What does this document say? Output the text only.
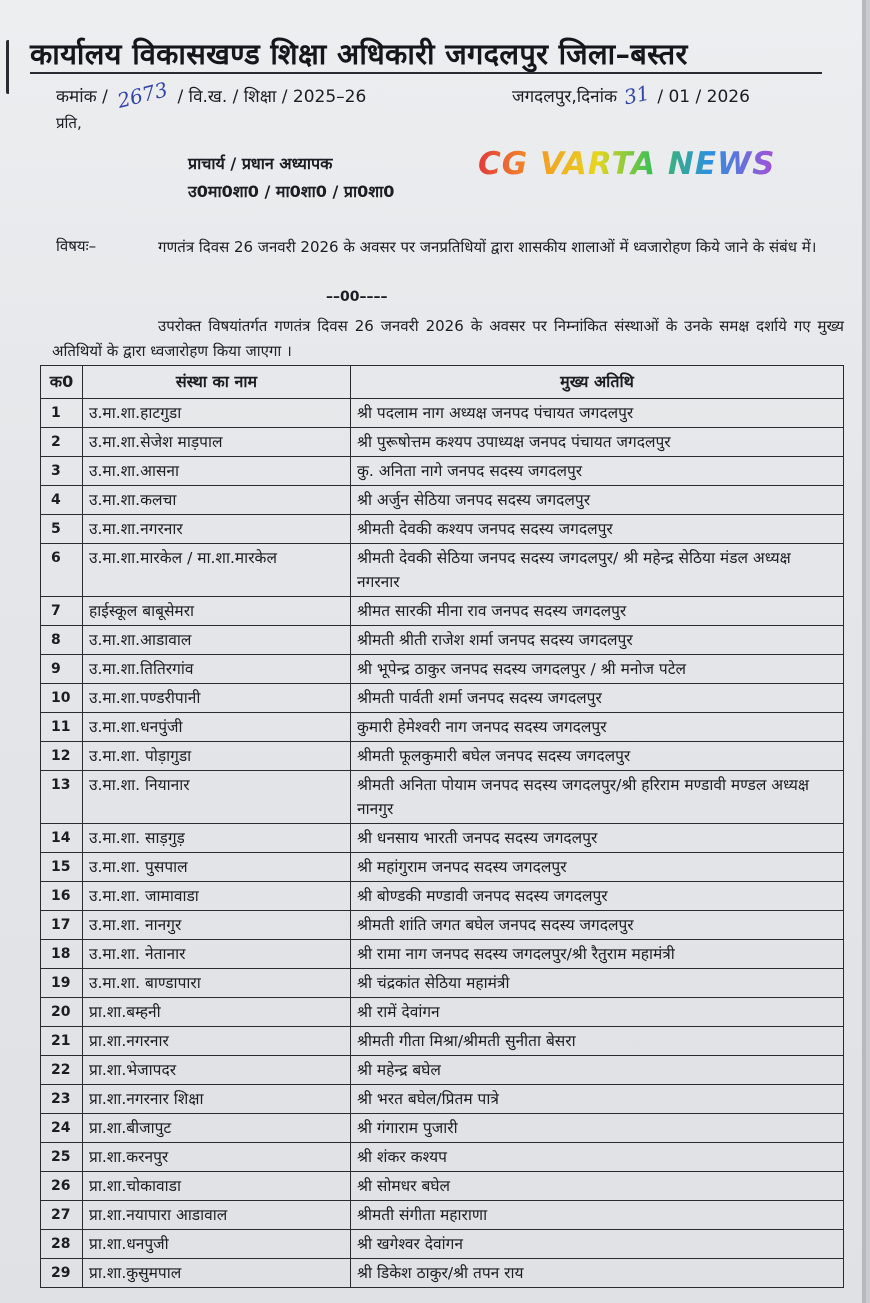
कार्यालय विकासखण्ड शिक्षा अधिकारी जगदलपुर जिला–बस्तर
कमांक / 2673 / वि.ख. / शिक्षा / 2025–26	जगदलपुर,दिनांक 31 / 01 / 2026
प्रति,
प्राचार्य / प्रधान अध्यापक
उ0मा0शा0 / मा0शा0 / प्रा0शा0
CG VARTA NEWS
विषयः–	गणतंत्र दिवस 26 जनवरी 2026 के अवसर पर जनप्रतिधियों द्वारा शासकीय शालाओं में ध्वजारोहण किये जाने के संबंध में।
––00––––
उपरोक्त विषयांतर्गत गणतंत्र दिवस 26 जनवरी 2026 के अवसर पर निम्नांकित संस्थाओं के उनके समक्ष दर्शाये गए मुख्य अतिथियों के द्वारा ध्वजारोहण किया जाएगा ।
क0	संस्था का नाम	मुख्य अतिथि
1	उ.मा.शा.हाटगुडा	श्री पदलाम नाग अध्यक्ष जनपद पंचायत जगदलपुर
2	उ.मा.शा.सेजेश माड़पाल	श्री पुरूषोत्तम कश्यप उपाध्यक्ष जनपद पंचायत जगदलपुर
3	उ.मा.शा.आसना	कु. अनिता नागे जनपद सदस्य जगदलपुर
4	उ.मा.शा.कलचा	श्री अर्जुन सेठिया जनपद सदस्य जगदलपुर
5	उ.मा.शा.नगरनार	श्रीमती देवकी कश्यप जनपद सदस्य जगदलपुर
6	उ.मा.शा.मारकेल / मा.शा.मारकेल	श्रीमती देवकी सेठिया जनपद सदस्य जगदलपुर/ श्री महेन्द्र सेठिया मंडल अध्यक्ष नगरनार
7	हाईस्कूल बाबूसेमरा	श्रीमत सारकी मीना राव जनपद सदस्य जगदलपुर
8	उ.मा.शा.आडावाल	श्रीमती श्रीती राजेश शर्मा जनपद सदस्य जगदलपुर
9	उ.मा.शा.तितिरगांव	श्री भूपेन्द्र ठाकुर जनपद सदस्य जगदलपुर / श्री मनोज पटेल
10	उ.मा.शा.पण्डरीपानी	श्रीमती पार्वती शर्मा जनपद सदस्य जगदलपुर
11	उ.मा.शा.धनपुंजी	कुमारी हेमेश्वरी नाग जनपद सदस्य जगदलपुर
12	उ.मा.शा. पोड़ागुडा	श्रीमती फूलकुमारी बघेल जनपद सदस्य जगदलपुर
13	उ.मा.शा. नियानार	श्रीमती अनिता पोयाम जनपद सदस्य जगदलपुर/श्री हरिराम मण्डावी मण्डल अध्यक्ष नानगुर
14	उ.मा.शा. साड़गुड़	श्री धनसाय भारती जनपद सदस्य जगदलपुर
15	उ.मा.शा. पुसपाल	श्री महांगुराम जनपद सदस्य जगदलपुर
16	उ.मा.शा. जामावाडा	श्री बोण्डकी मण्डावी जनपद सदस्य जगदलपुर
17	उ.मा.शा. नानगुर	श्रीमती शांति जगत बघेल जनपद सदस्य जगदलपुर
18	उ.मा.शा. नेतानार	श्री रामा नाग जनपद सदस्य जगदलपुर/श्री रैतुराम महामंत्री
19	उ.मा.शा. बाण्डापारा	श्री चंद्रकांत सेठिया महामंत्री
20	प्रा.शा.बम्हनी	श्री रामें देवांगन
21	प्रा.शा.नगरनार	श्रीमती गीता मिश्रा/श्रीमती सुनीता बेसरा
22	प्रा.शा.भेजापदर	श्री महेन्द्र बघेल
23	प्रा.शा.नगरनार शिक्षा	श्री भरत बघेल/प्रितम पात्रे
24	प्रा.शा.बीजापुट	श्री गंगाराम पुजारी
25	प्रा.शा.करनपुर	श्री शंकर कश्यप
26	प्रा.शा.चोकावाडा	श्री सोमधर बघेल
27	प्रा.शा.नयापारा आडावाल	श्रीमती संगीता महाराणा
28	प्रा.शा.धनपुजी	श्री खगेश्वर देवांगन
29	प्रा.शा.कुसुमपाल	श्री डिकेश ठाकुर/श्री तपन राय
